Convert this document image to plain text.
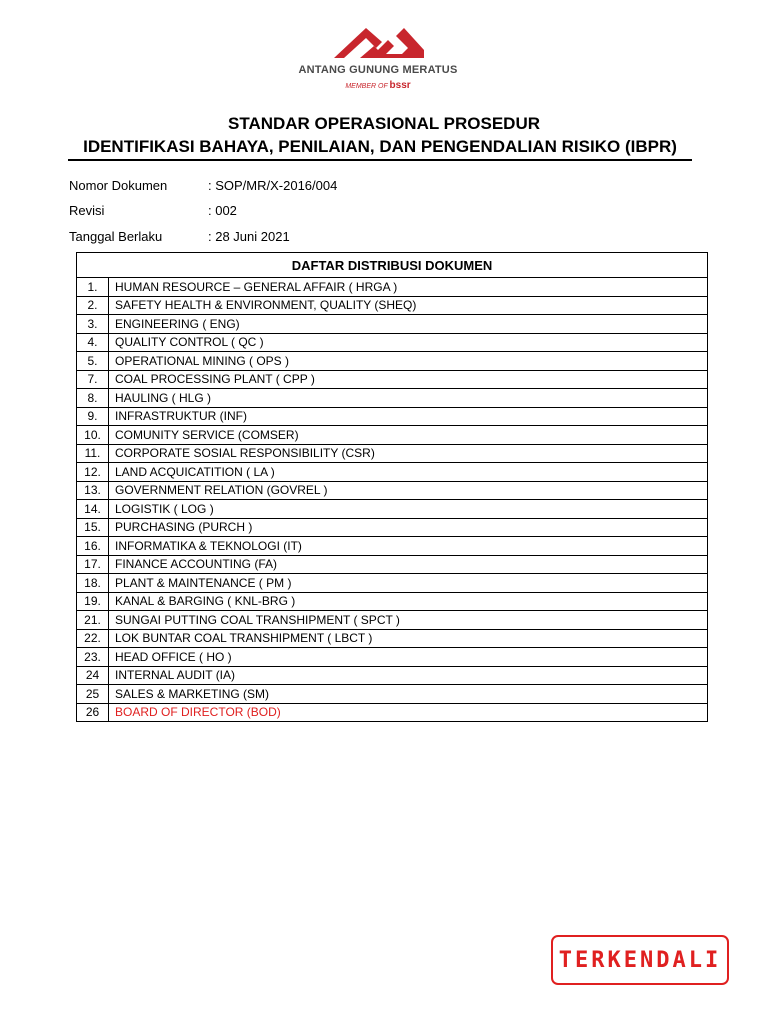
ANTANG GUNUNG MERATUS
MEMBER OF bssr
STANDAR OPERASIONAL PROSEDUR
IDENTIFIKASI BAHAYA, PENILAIAN, DAN PENGENDALIAN RISIKO (IBPR)
Nomor Dokumen	: SOP/MR/X-2016/004
Revisi	: 002
Tanggal Berlaku	: 28 Juni 2021
DAFTAR DISTRIBUSI DOKUMEN	
1.	HUMAN RESOURCE – GENERAL AFFAIR ( HRGA )
2.	SAFETY HEALTH & ENVIRONMENT, QUALITY (SHEQ)
3.	ENGINEERING ( ENG)
4.	QUALITY CONTROL ( QC )
5.	OPERATIONAL MINING ( OPS )
7.	COAL PROCESSING PLANT ( CPP )
8.	HAULING ( HLG )
9.	INFRASTRUKTUR (INF)
10.	COMUNITY SERVICE (COMSER)
11.	CORPORATE SOSIAL RESPONSIBILITY (CSR)
12.	LAND ACQUICATITION ( LA )
13.	GOVERNMENT RELATION (GOVREL )
14.	LOGISTIK ( LOG )
15.	PURCHASING (PURCH )
16.	INFORMATIKA & TEKNOLOGI (IT)
17.	FINANCE ACCOUNTING (FA)
18.	PLANT & MAINTENANCE ( PM )
19.	KANAL & BARGING ( KNL-BRG )
21.	SUNGAI PUTTING COAL TRANSHIPMENT ( SPCT )
22.	LOK BUNTAR COAL TRANSHIPMENT ( LBCT )
23.	HEAD OFFICE ( HO )
24	INTERNAL AUDIT (IA)
25	SALES & MARKETING (SM)
26	BOARD OF DIRECTOR (BOD)
TERKENDALI
